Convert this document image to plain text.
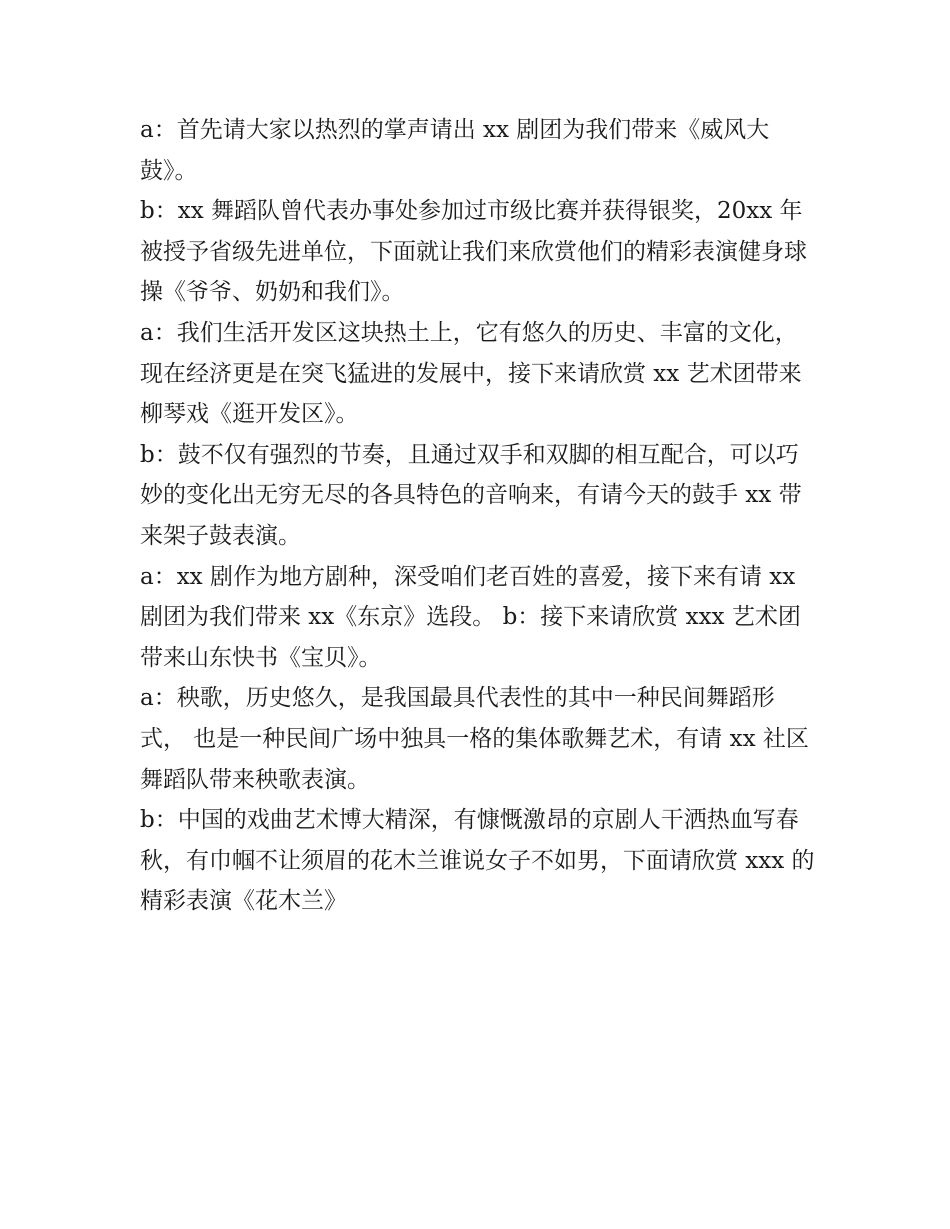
a：首先请大家以热烈的掌声请出 xx 剧团为我们带来《威风大鼓》。

b：xx 舞蹈队曾代表办事处参加过市级比赛并获得银奖，20xx 年被授予省级先进单位，下面就让我们来欣赏他们的精彩表演健身球操《爷爷、奶奶和我们》。

a：我们生活开发区这块热土上，它有悠久的历史、丰富的文化，现在经济更是在突飞猛进的发展中，接下来请欣赏 xx 艺术团带来柳琴戏《逛开发区》。

b：鼓不仅有强烈的节奏，且通过双手和双脚的相互配合，可以巧妙的变化出无穷无尽的各具特色的音响来，有请今天的鼓手 xx 带来架子鼓表演。

a：xx 剧作为地方剧种，深受咱们老百姓的喜爱，接下来有请 xx 剧团为我们带来 xx《东京》选段。 b：接下来请欣赏 xxx 艺术团带来山东快书《宝贝》。

a：秧歌，历史悠久，是我国最具代表性的其中一种民间舞蹈形式， 也是一种民间广场中独具一格的集体歌舞艺术，有请 xx 社区舞蹈队带来秧歌表演。

b：中国的戏曲艺术博大精深，有慷慨激昂的京剧人干洒热血写春秋，有巾帼不让须眉的花木兰谁说女子不如男，下面请欣赏 xxx 的精彩表演《花木兰》
